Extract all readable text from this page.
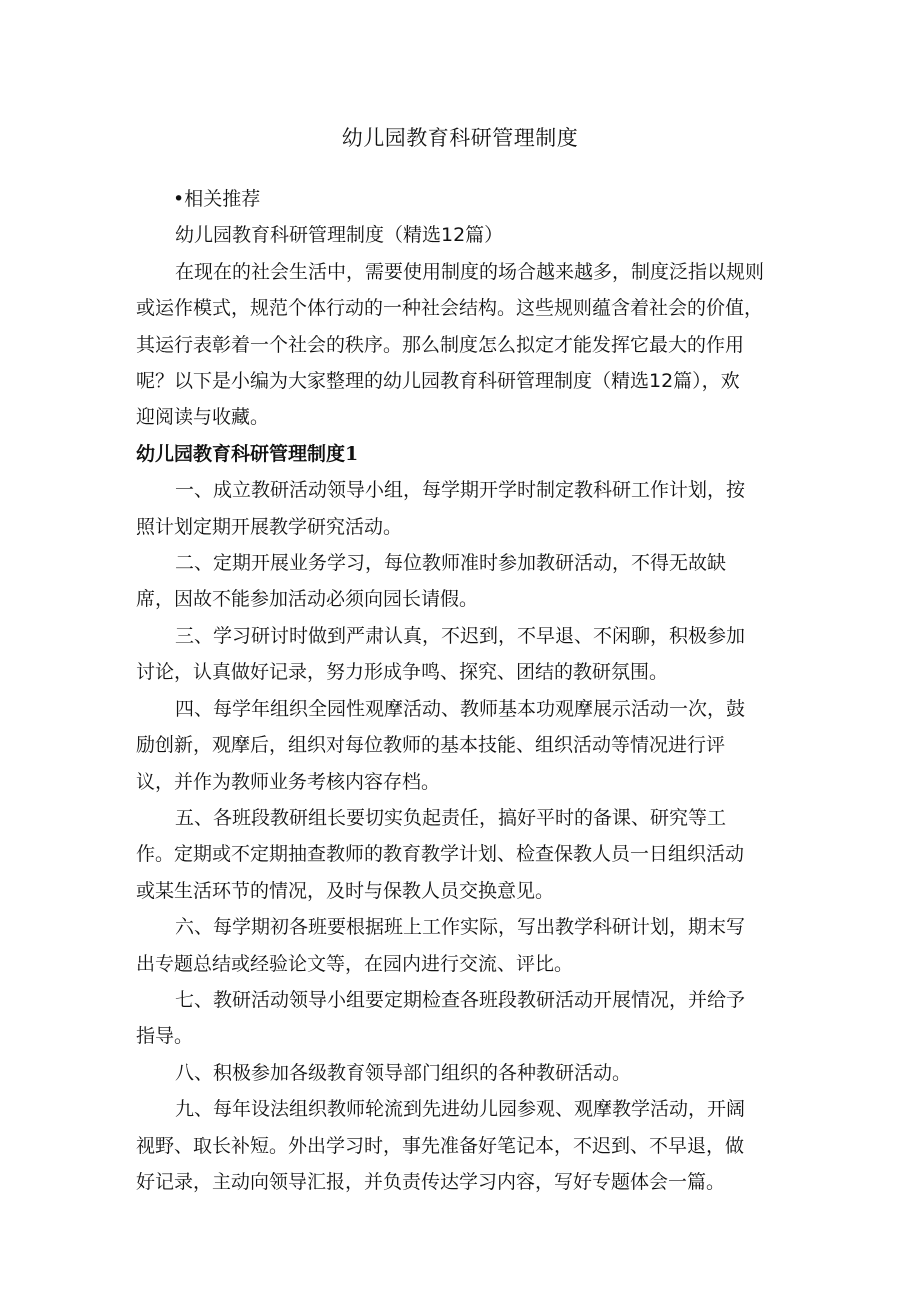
幼儿园教育科研管理制度

•相关推荐

幼儿园教育科研管理制度（精选12篇）

在现在的社会生活中，需要使用制度的场合越来越多，制度泛指以规则

或运作模式，规范个体行动的一种社会结构。这些规则蕴含着社会的价值，

其运行表彰着一个社会的秩序。那么制度怎么拟定才能发挥它最大的作用

呢？以下是小编为大家整理的幼儿园教育科研管理制度（精选12篇），欢

迎阅读与收藏。

幼儿园教育科研管理制度1

一、成立教研活动领导小组，每学期开学时制定教科研工作计划，按

照计划定期开展教学研究活动。

二、定期开展业务学习，每位教师准时参加教研活动，不得无故缺

席，因故不能参加活动必须向园长请假。

三、学习研讨时做到严肃认真，不迟到，不早退、不闲聊，积极参加

讨论，认真做好记录，努力形成争鸣、探究、团结的教研氛围。

四、每学年组织全园性观摩活动、教师基本功观摩展示活动一次，鼓

励创新，观摩后，组织对每位教师的基本技能、组织活动等情况进行评

议，并作为教师业务考核内容存档。

五、各班段教研组长要切实负起责任，搞好平时的备课、研究等工

作。定期或不定期抽查教师的教育教学计划、检查保教人员一日组织活动

或某生活环节的情况，及时与保教人员交换意见。

六、每学期初各班要根据班上工作实际，写出教学科研计划，期末写

出专题总结或经验论文等，在园内进行交流、评比。

七、教研活动领导小组要定期检查各班段教研活动开展情况，并给予

指导。

八、积极参加各级教育领导部门组织的各种教研活动。

九、每年设法组织教师轮流到先进幼儿园参观、观摩教学活动，开阔

视野、取长补短。外出学习时，事先准备好笔记本，不迟到、不早退，做

好记录，主动向领导汇报，并负责传达学习内容，写好专题体会一篇。
